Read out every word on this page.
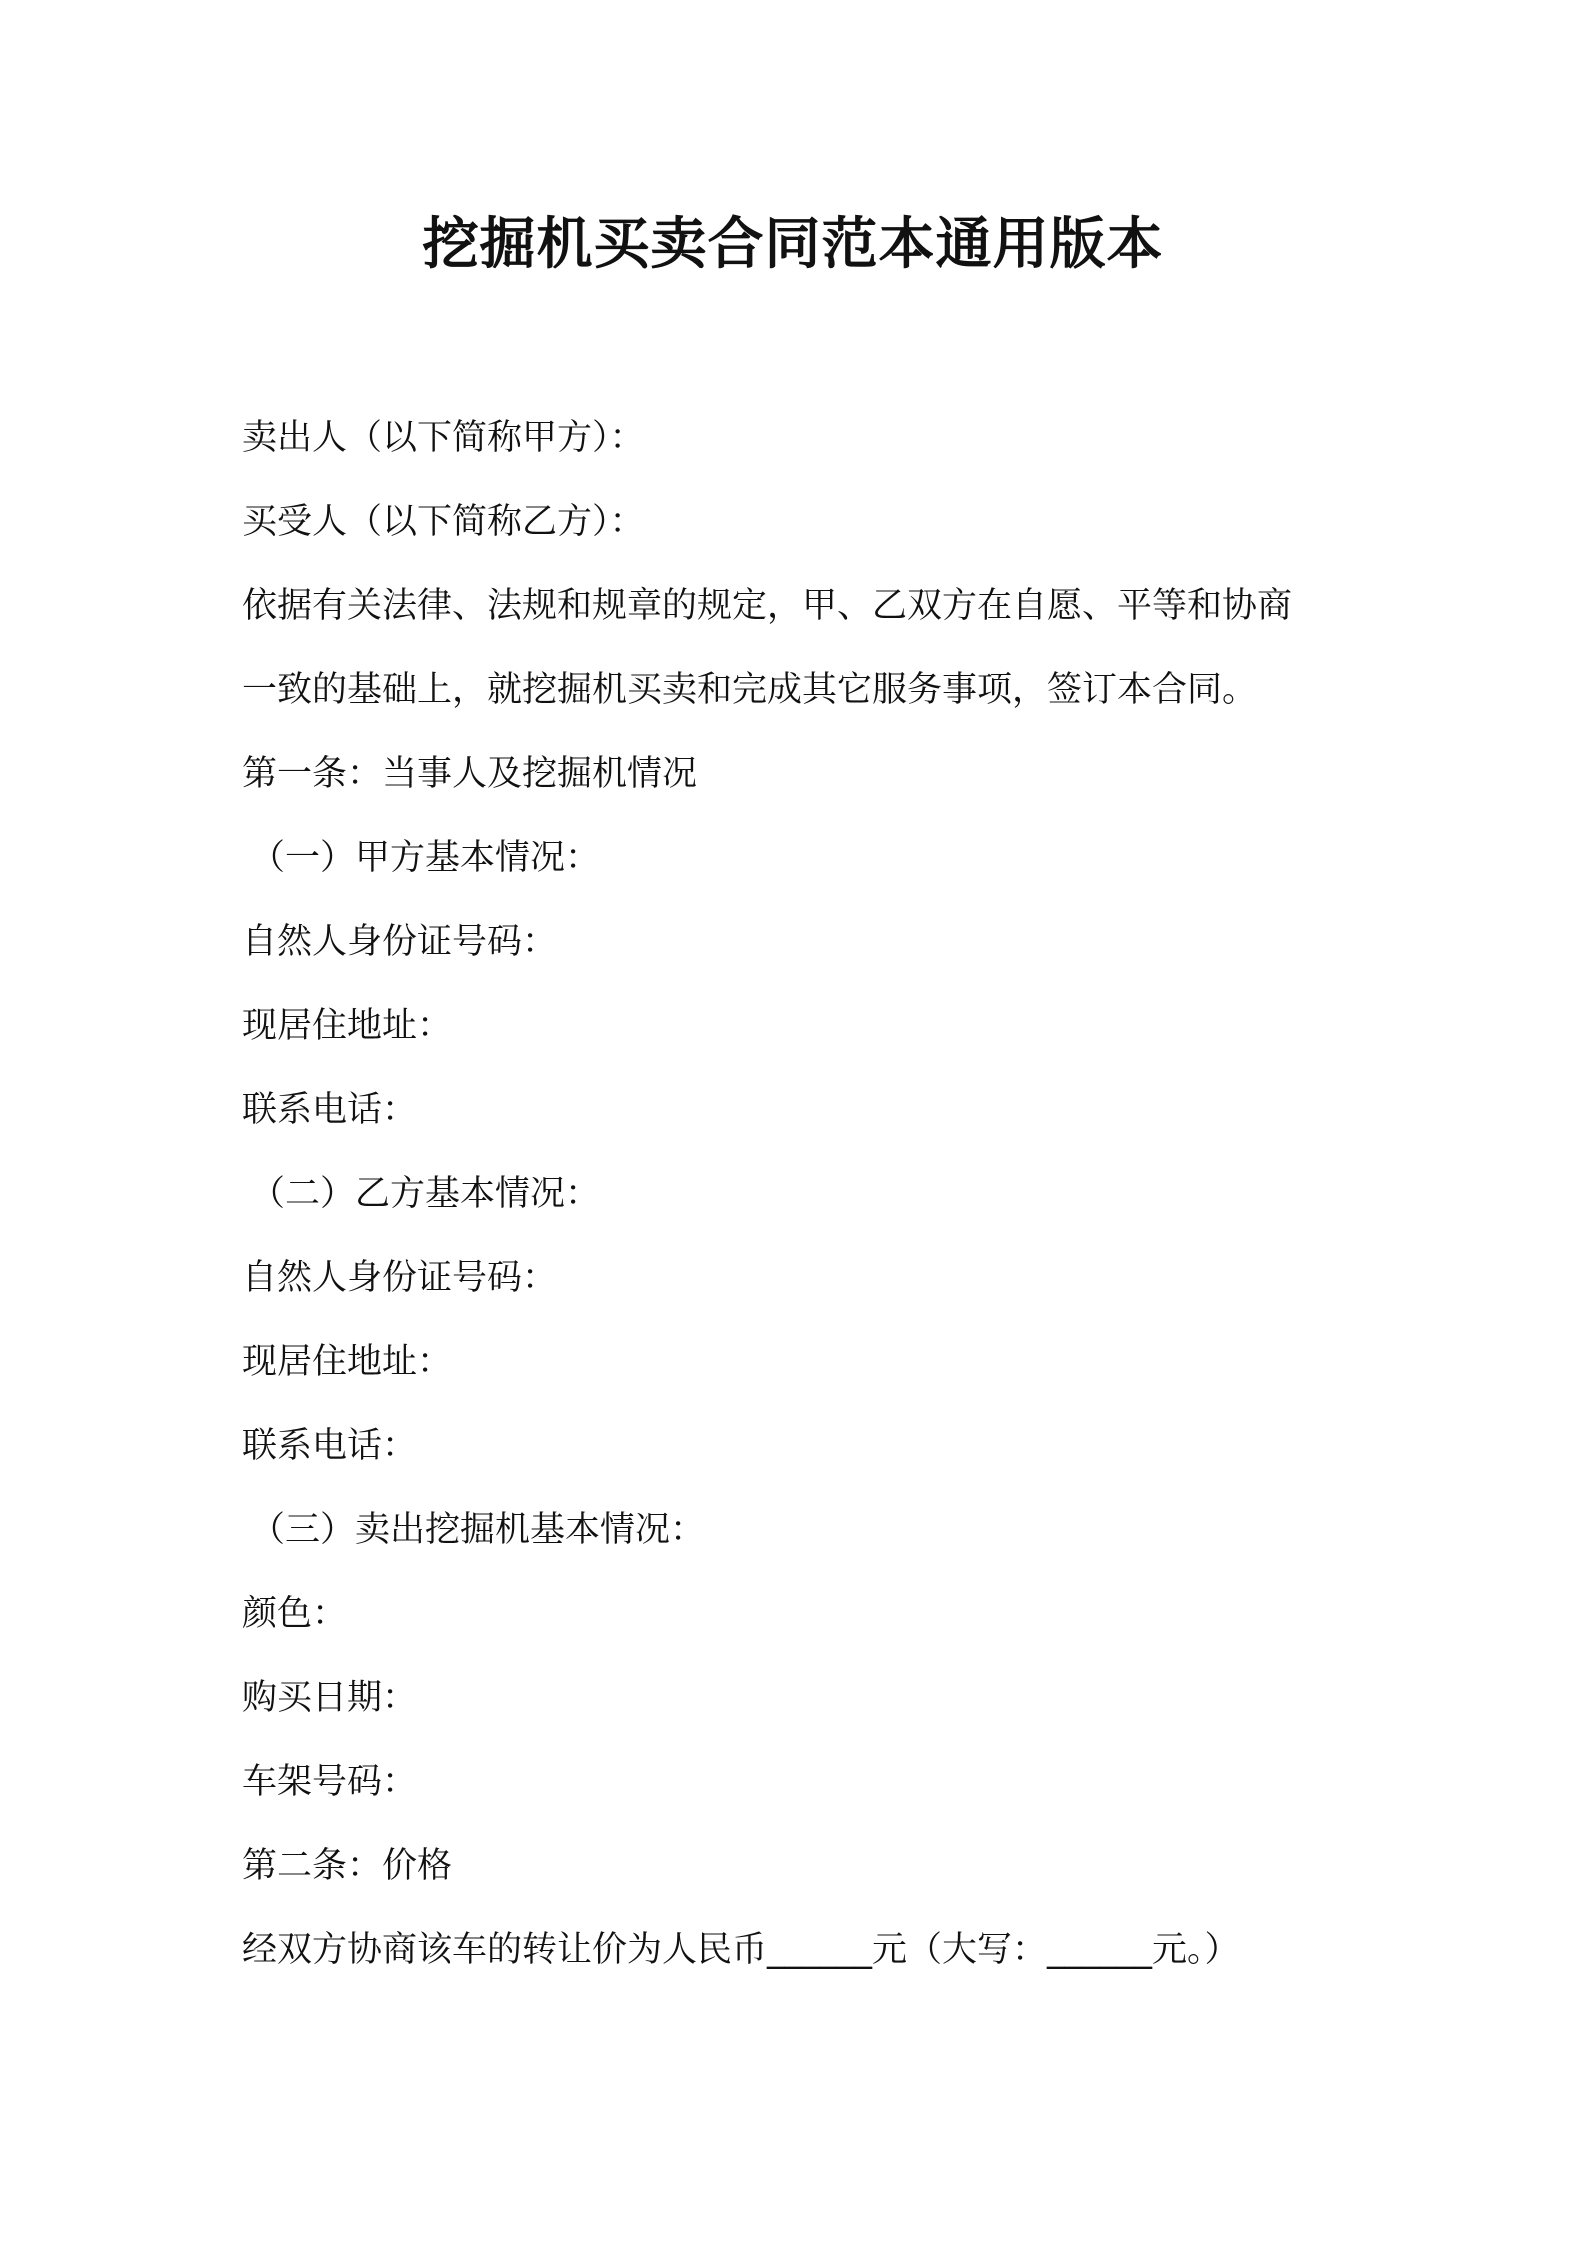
挖掘机买卖合同范本通用版本
卖出人（以下简称甲方）：
买受人（以下简称乙方）：
依据有关法律、法规和规章的规定，甲、乙双方在自愿、平等和协商
一致的基础上，就挖掘机买卖和完成其它服务事项，签订本合同。
第一条：当事人及挖掘机情况
（一）甲方基本情况：
自然人身份证号码：
现居住地址：
联系电话：
（二）乙方基本情况：
自然人身份证号码：
现居住地址：
联系电话：
（三）卖出挖掘机基本情况：
颜色：
购买日期：
车架号码：
第二条：价格
经双方协商该车的转让价为人民币______元（大写：______元。）
